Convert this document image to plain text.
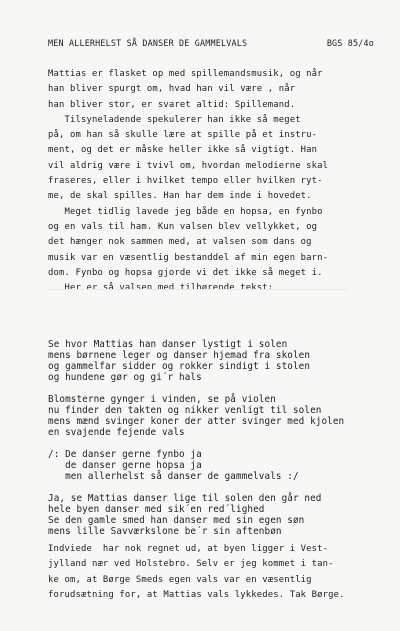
MEN ALLERHELST SÅ DANSER DE GAMMELVALS	BGS 85/4o
Mattias er flasket op med spillemandsmusik, og når
han bliver spurgt om, hvad han vil være , når
han bliver stor, er svaret altid: Spillemand.
Tilsyneladende spekulerer han ikke så meget
på, om han så skulle lære at spille på et instru-
ment, og det er måske heller ikke så vigtigt. Han
vil aldrig være i tvivl om, hvordan melodierne skal
fraseres, eller i hvilket tempo eller hvilken ryt-
me, de skal spilles. Han har dem inde i hovedet.
Meget tidlig lavede jeg både en hopsa, en fynbo
og en vals til ham. Kun valsen blev vellykket, og
det hænger nok sammen med, at valsen som dans og
musik var en væsentlig bestanddel af min egen barn-
dom. Fynbo og hopsa gjorde vi det ikke så meget i.
Se hvor Mattias han danser lystigt i solen
mens børnene leger og danser hjemad fra skolen
og gammelfar sidder og rokker sindigt i stolen
og hundene gør og gi´r hals
Blomsterne gynger i vinden, se på violen
nu finder den takten og nikker venligt til solen
mens mænd svinger koner der atter svinger med kjolen
en svajende fejende vals
/: De danser gerne fynbo ja
de danser gerne hopsa ja
men allerhelst så danser de gammelvals :/
Ja, se Mattias danser lige til solen den går ned
hele byen danser med sik´en red´lighed
Se den gamle smed han danser med sin egen søn
mens lille Savværkslone be´r sin aftenbøn
Indviede  har nok regnet ud, at byen ligger i Vest-
jylland nær ved Holstebro. Selv er jeg kommet i tan-
ke om, at Børge Smeds egen vals var en væsentlig
forudsætning for, at Mattias vals lykkedes. Tak Børge.
